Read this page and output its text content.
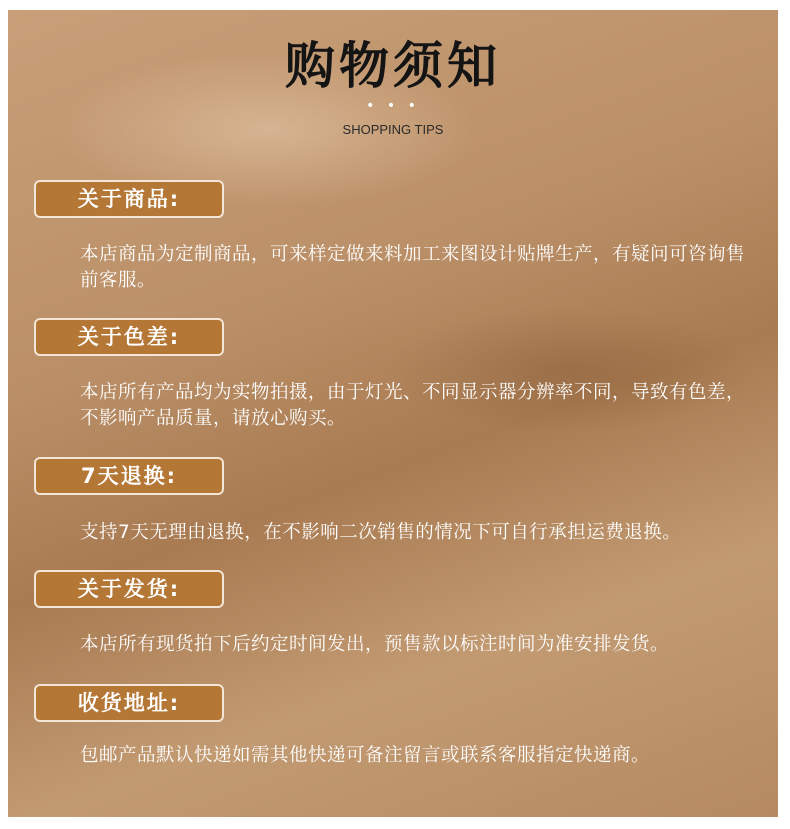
购物须知
• • •
SHOPPING TIPS
关于商品:
本店商品为定制商品，可来样定做来料加工来图设计贴牌生产，有疑问可咨询售前客服。
关于色差:
本店所有产品均为实物拍摄，由于灯光、不同显示器分辨率不同，导致有色差，不影响产品质量，请放心购买。
7天退换:
支持7天无理由退换，在不影响二次销售的情况下可自行承担运费退换。
关于发货:
本店所有现货拍下后约定时间发出，预售款以标注时间为准安排发货。
收货地址:
包邮产品默认快递如需其他快递可备注留言或联系客服指定快递商。
